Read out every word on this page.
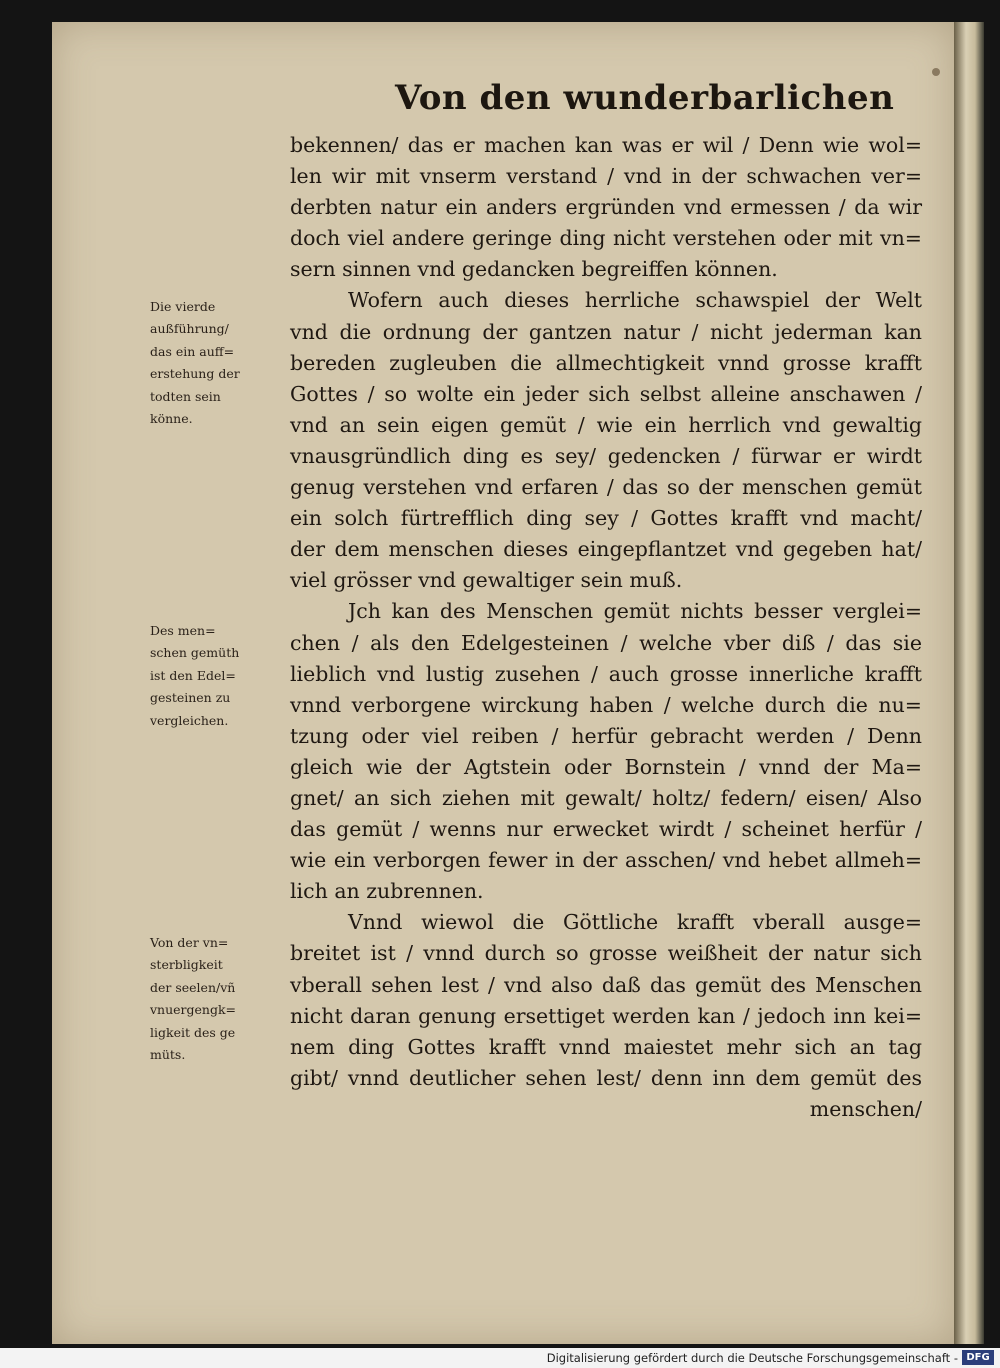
Von den wunderbarlichen
bekennen/ das er machen kan was er wil / Denn wie wol=
len wir mit vnserm verstand / vnd in der schwachen ver=
derbten natur ein anders ergründen vnd ermessen / da wir
doch viel andere geringe ding nicht verstehen oder mit vn=
sern sinnen vnd gedancken begreiffen können.
Wofern auch dieses herrliche schawspiel der Welt
vnd die ordnung der gantzen natur / nicht jederman kan
bereden zugleuben die allmechtigkeit vnnd grosse krafft
Gottes / so wolte ein jeder sich selbst alleine anschawen /
vnd an sein eigen gemüt / wie ein herrlich vnd gewaltig
vnausgründlich ding es sey/ gedencken / fürwar er wirdt
genug verstehen vnd erfaren / das so der menschen gemüt
ein solch fürtrefflich ding sey / Gottes krafft vnd macht/
der dem menschen dieses eingepflantzet vnd gegeben hat/
viel grösser vnd gewaltiger sein muß.
Jch kan des Menschen gemüt nichts besser verglei=
chen / als den Edelgesteinen / welche vber diß / das sie
lieblich vnd lustig zusehen / auch grosse innerliche krafft
vnnd verborgene wirckung haben / welche durch die nu=
tzung oder viel reiben / herfür gebracht werden / Denn
gleich wie der Agtstein oder Bornstein / vnnd der Ma=
gnet/ an sich ziehen mit gewalt/ holtz/ federn/ eisen/ Also
das gemüt / wenns nur erwecket wirdt / scheinet herfür /
wie ein verborgen fewer in der asschen/ vnd hebet allmeh=
lich an zubrennen.
Vnnd wiewol die Göttliche krafft vberall ausge=
breitet ist / vnnd durch so grosse weißheit der natur sich
vberall sehen lest / vnd also daß das gemüt des Menschen
nicht daran genung ersettiget werden kan / jedoch inn kei=
nem ding Gottes krafft vnnd maiestet mehr sich an tag
gibt/ vnnd deutlicher sehen lest/ denn inn dem gemüt des
menschen/
Die vierde
außführung/
das ein auff=
erstehung der
todten sein
könne.
Des men=
schen gemüth
ist den Edel=
gesteinen zu
vergleichen.
Von der vn=
sterbligkeit
der seelen/vñ
vnuergengk=
ligkeit des ge
müts.
Digitalisierung gefördert durch die Deutsche Forschungsgemeinschaft - DFG
